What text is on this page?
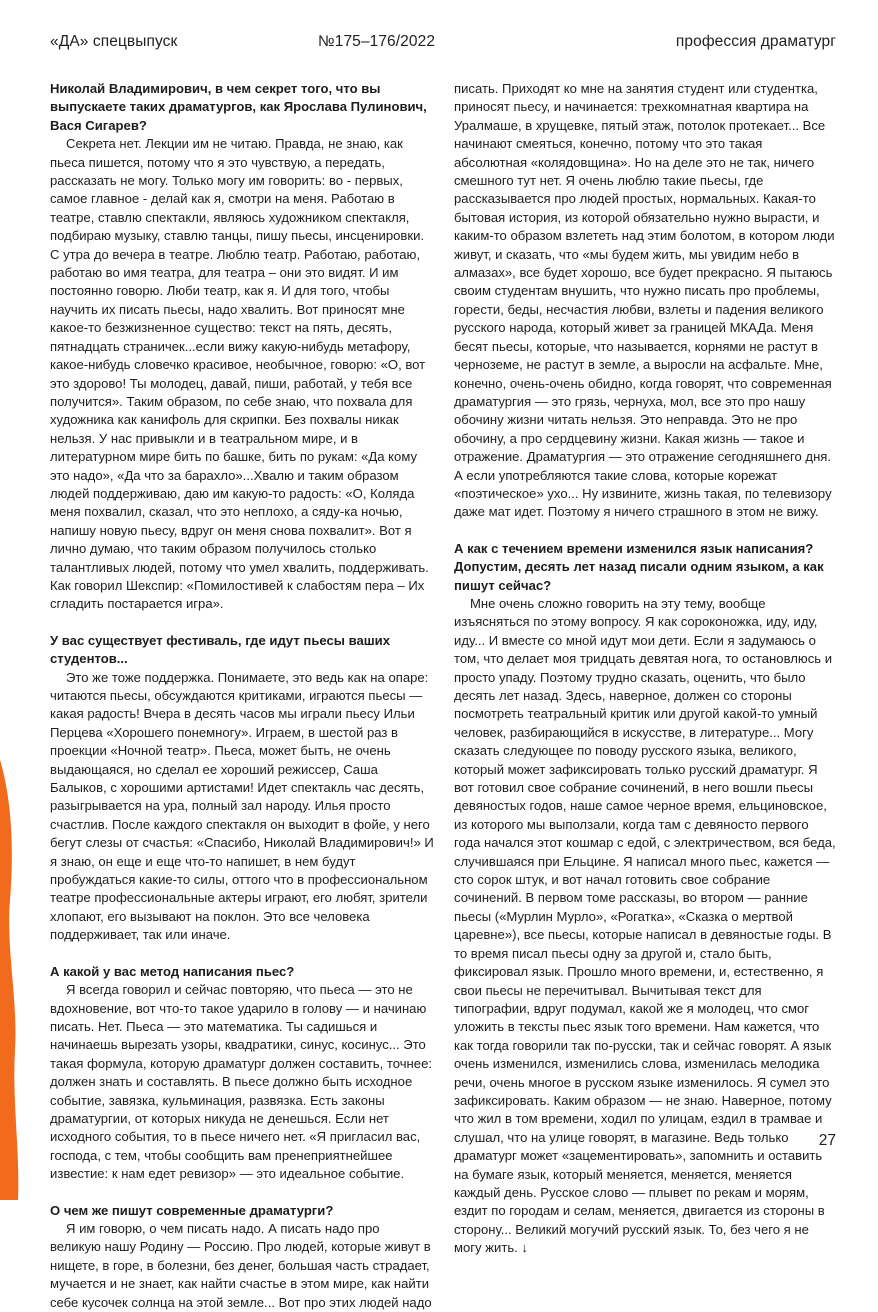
«ДА» спецвыпуск	№175–176/2022	профессия драматург
Николай Владимирович, в чем секрет того, что вы выпускаете таких драматургов, как Ярослава Пулинович, Вася Сигарев?

Секрета нет. Лекции им не читаю. Правда, не знаю, как пьеса пишется, потому что я это чувствую, а передать, рассказать не могу. Только могу им говорить: во - первых, самое главное - делай как я, смотри на меня. Работаю в театре, ставлю спектакли, являюсь художником спектакля, подбираю музыку, ставлю танцы, пишу пьесы, инсценировки. С утра до вечера в театре. Люблю театр. Работаю, работаю, работаю во имя театра, для театра – они это видят. И им постоянно говорю. Люби театр, как я. И для того, чтобы научить их писать пьесы, надо хвалить. Вот приносят мне какое-то безжизненное существо: текст на пять, десять, пятнадцать страничек...если вижу какую-нибудь метафору, какое-нибудь словечко красивое, необычное, говорю: «О, вот это здорово! Ты молодец, давай, пиши, работай, у тебя все получится». Таким образом, по себе знаю, что похвала для художника как канифоль для скрипки. Без похвалы никак нельзя. У нас привыкли и в театральном мире, и в литературном мире бить по башке, бить по рукам: «Да кому это надо», «Да что за барахло»...Хвалю и таким образом людей поддерживаю, даю им какую-то радость: «О, Коляда меня похвалил, сказал, что это неплохо, а сяду-ка ночью, напишу новую пьесу, вдруг он меня снова похвалит». Вот я лично думаю, что таким образом получилось столько талантливых людей, потому что умел хвалить, поддерживать. Как говорил Шекспир: «Помилостивей к слабостям пера – Их сгладить постарается игра».

У вас существует фестиваль, где идут пьесы ваших студентов...

Это же тоже поддержка. Понимаете, это ведь как на опаре: читаются пьесы, обсуждаются критиками, играются пьесы — какая радость! Вчера в десять часов мы играли пьесу Ильи Перцева «Хорошего понемногу». Играем, в шестой раз в проекции «Ночной театр». Пьеса, может быть, не очень выдающаяся, но сделал ее хороший режиссер, Саша Балыков, с хорошими артистами! Идет спектакль час десять, разыгрывается на ура, полный зал народу. Илья просто счастлив. После каждого спектакля он выходит в фойе, у него бегут слезы от счастья: «Спасибо, Николай Владимирович!» И я знаю, он еще и еще что-то напишет, в нем будут пробуждаться какие-то силы, оттого что в профессиональном театре профессиональные актеры играют, его любят, зрители хлопают, его вызывают на поклон. Это все человека поддерживает, так или иначе.

А какой у вас метод написания пьес?

Я всегда говорил и сейчас повторяю, что пьеса — это не вдохновение, вот что-то такое ударило в голову — и начинаю писать. Нет. Пьеса — это математика. Ты садишься и начинаешь вырезать узоры, квадратики, синус, косинус... Это такая формула, которую драматург должен составить, точнее: должен знать и составлять. В пьесе должно быть исходное событие, завязка, кульминация, развязка. Есть законы драматургии, от которых никуда не денешься. Если нет исходного события, то в пьесе ничего нет. «Я пригласил вас, господа, с тем, чтобы сообщить вам пренеприятнейшее известие: к нам едет ревизор» — это идеальное событие.

О чем же пишут современные драматурги?

Я им говорю, о чем писать надо. А писать надо про великую нашу Родину — Россию. Про людей, которые живут в нищете, в горе, в болезни, без денег, большая часть страдает, мучается и не знает, как найти счастье в этом мире, как найти себе кусочек солнца на этой земле... Вот про этих людей надо

писать. Приходят ко мне на занятия студент или студентка, приносят пьесу, и начинается: трехкомнатная квартира на Уралмаше, в хрущевке, пятый этаж, потолок протекает... Все начинают смеяться, конечно, потому что это такая абсолютная «колядовщина». Но на деле это не так, ничего смешного тут нет. Я очень люблю такие пьесы, где рассказывается про людей простых, нормальных. Какая-то бытовая история, из которой обязательно нужно вырасти, и каким-то образом взлететь над этим болотом, в котором люди живут, и сказать, что «мы будем жить, мы увидим небо в алмазах», все будет хорошо, все будет прекрасно. Я пытаюсь своим студентам внушить, что нужно писать про проблемы, горести, беды, несчастия любви, взлеты и падения великого русского народа, который живет за границей МКАДа. Меня бесят пьесы, которые, что называется, корнями не растут в черноземе, не растут в земле, а выросли на асфальте. Мне, конечно, очень-очень обидно, когда говорят, что современная драматургия — это грязь, чернуха, мол, все это про нашу обочину жизни читать нельзя. Это неправда. Это не про обочину, а про сердцевину жизни. Какая жизнь — такое и отражение. Драматургия — это отражение сегодняшнего дня. А если употребляются такие слова, которые корежат «поэтическое» ухо... Ну извините, жизнь такая, по телевизору даже мат идет. Поэтому я ничего страшного в этом не вижу.

А как с течением времени изменился язык написания? Допустим, десять лет назад писали одним языком, а как пишут сейчас?

Мне очень сложно говорить на эту тему, вообще изъясняться по этому вопросу. Я как сороконожка, иду, иду, иду... И вместе со мной идут мои дети. Если я задумаюсь о том, что делает моя тридцать девятая нога, то остановлюсь и просто упаду. Поэтому трудно сказать, оценить, что было десять лет назад. Здесь, наверное, должен со стороны посмотреть театральный критик или другой какой-то умный человек, разбирающийся в искусстве, в литературе... Могу сказать следующее по поводу русского языка, великого, который может зафиксировать только русский драматург. Я вот готовил свое собрание сочинений, в него вошли пьесы девяностых годов, наше самое черное время, ельциновское, из которого мы выползали, когда там с девяносто первого года начался этот кошмар с едой, с электричеством, вся беда, случившаяся при Ельцине. Я написал много пьес, кажется — сто сорок штук, и вот начал готовить свое собрание сочинений. В первом томе рассказы, во втором — ранние пьесы («Мурлин Мурло», «Рогатка», «Сказка о мертвой царевне»), все пьесы, которые написал в девяностые годы. В то время писал пьесы одну за другой и, стало быть, фиксировал язык. Прошло много времени, и, естественно, я свои пьесы не перечитывал. Вычитывая текст для типографии, вдруг подумал, какой же я молодец, что смог уложить в тексты пьес язык того времени. Нам кажется, что как тогда говорили так по-русски, так и сейчас говорят. А язык очень изменился, изменились слова, изменилась мелодика речи, очень многое в русском языке изменилось. Я сумел это зафиксировать. Каким образом — не знаю. Наверное, потому что жил в том времени, ходил по улицам, ездил в трамвае и слушал, что на улице говорят, в магазине. Ведь только драматург может «зацементировать», запомнить и оставить на бумаге язык, который меняется, меняется, меняется каждый день. Русское слово — плывет по рекам и морям, ездит по городам и селам, меняется, двигается из стороны в сторону... Великий могучий русский язык. То, без чего я не могу жить. ↓

27
